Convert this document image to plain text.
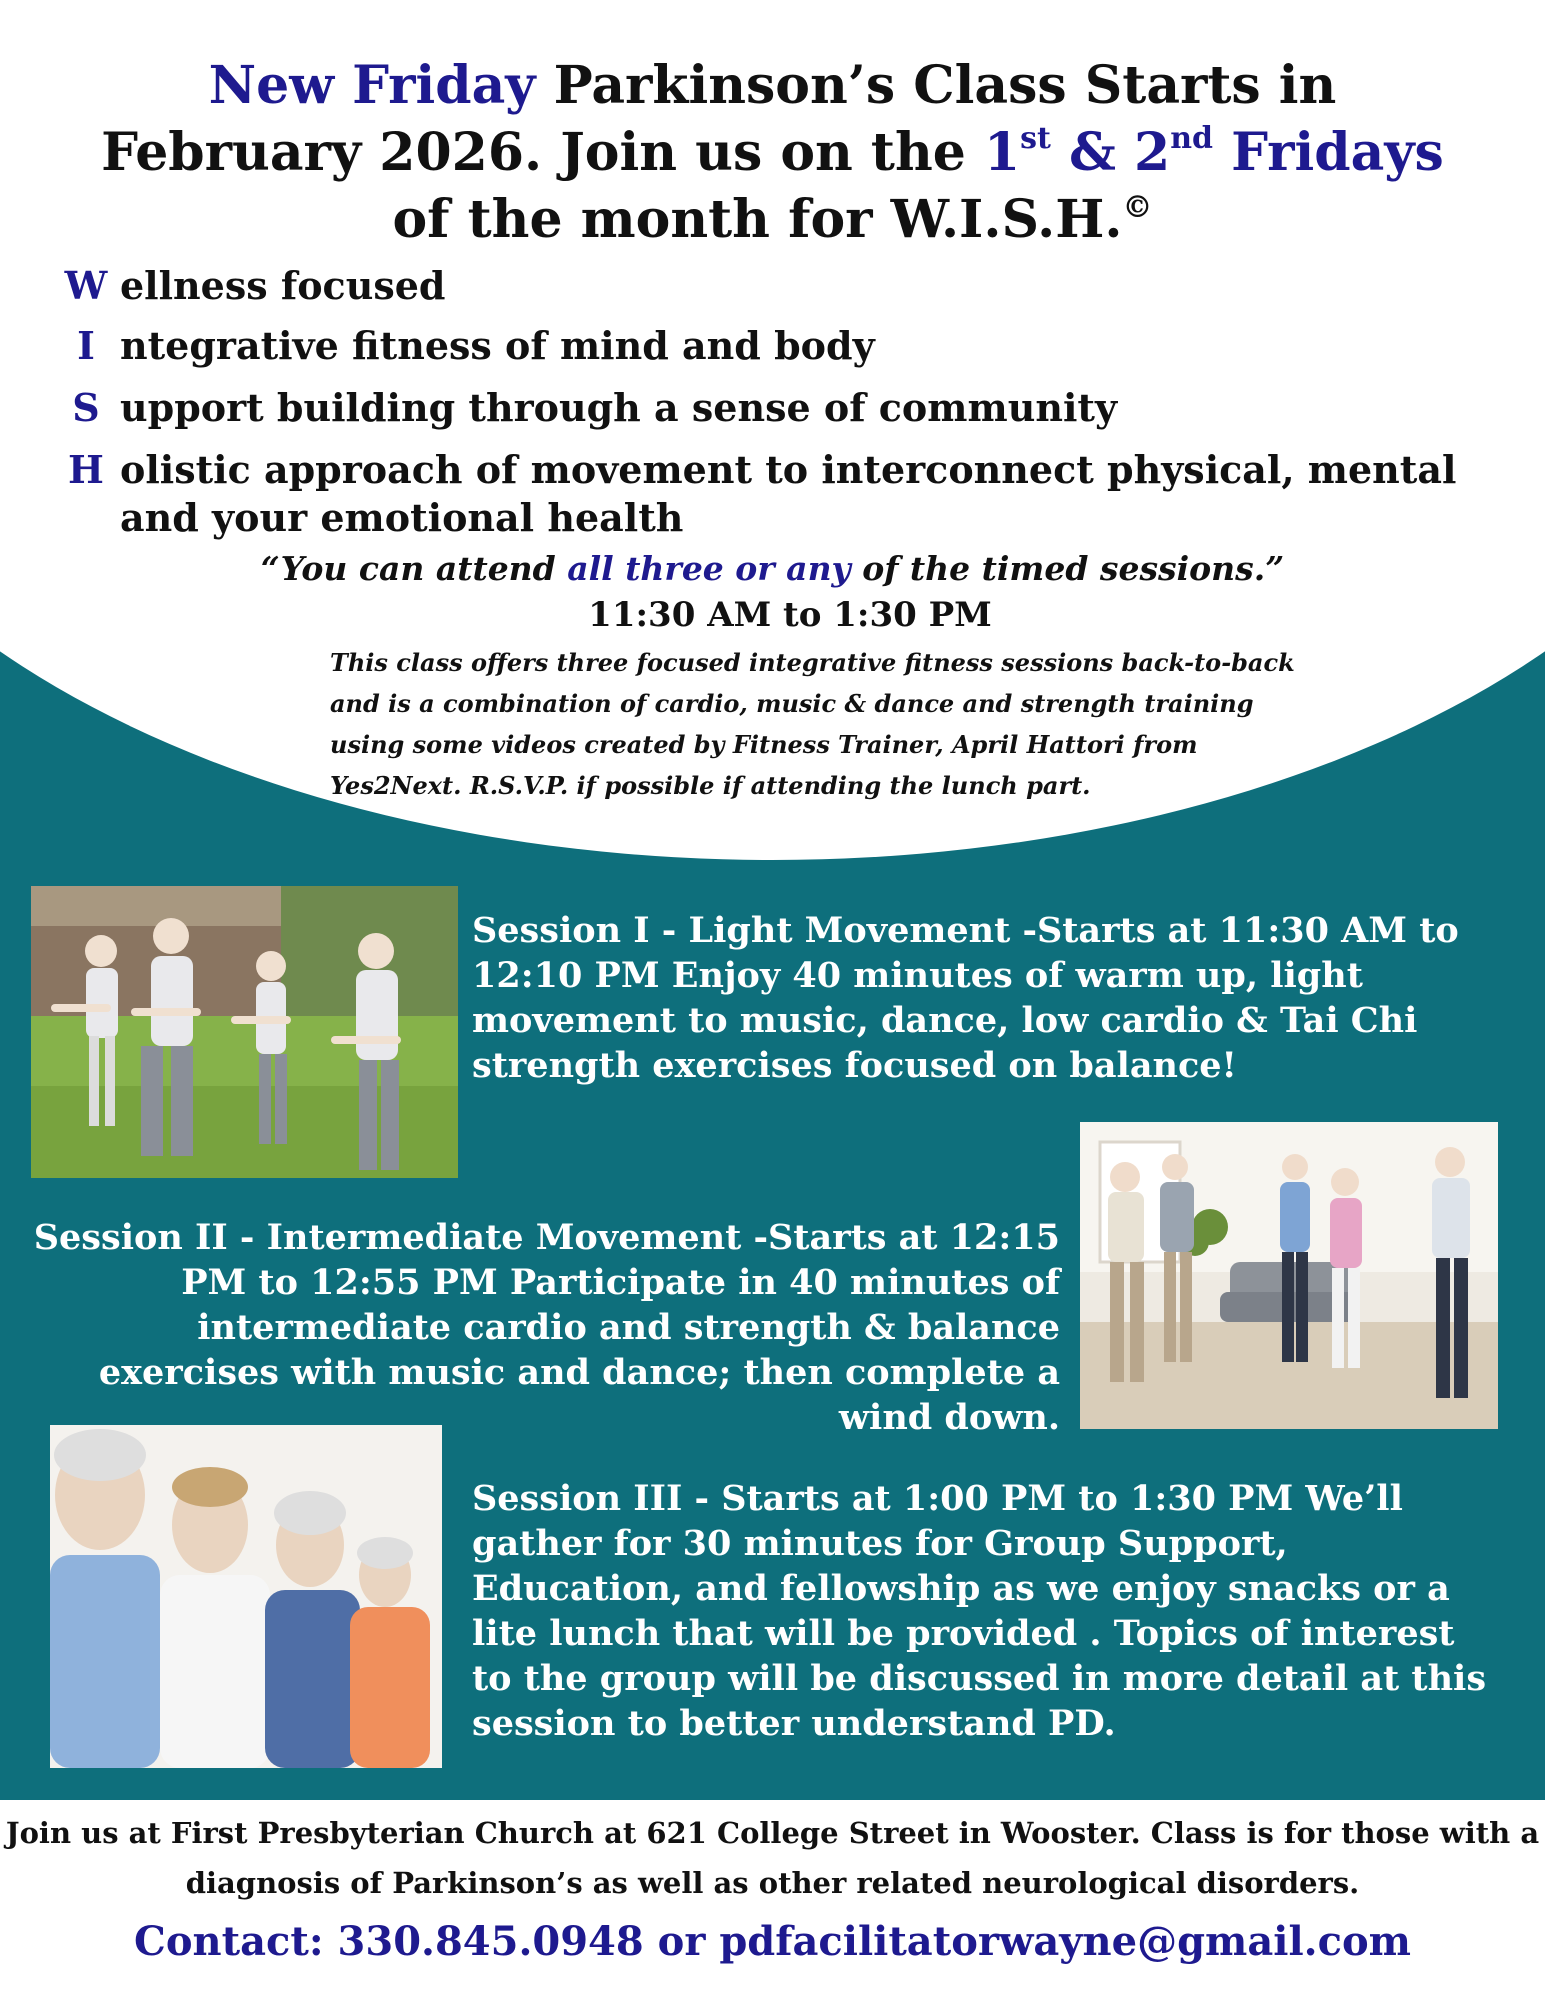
New Friday Parkinson’s Class Starts in
February 2026. Join us on the 1st & 2nd Fridays
of the month for W.I.S.H.©
W ellness focused
I ntegrative fitness of mind and body
S upport building through a sense of community
H olistic approach of movement to interconnect physical, mental and your emotional health
“You can attend all three or any of the timed sessions.”
11:30 AM to 1:30 PM
This class offers three focused integrative fitness sessions back-to-back and is a combination of cardio, music & dance and strength training using some videos created by Fitness Trainer, April Hattori from Yes2Next. R.S.V.P. if possible if attending the lunch part.
Session I - Light Movement -Starts at 11:30 AM to 12:10 PM Enjoy 40 minutes of warm up, light movement to music, dance, low cardio & Tai Chi strength exercises focused on balance!
Session II - Intermediate Movement -Starts at 12:15 PM to 12:55 PM Participate in 40 minutes of intermediate cardio and strength & balance exercises with music and dance; then complete a wind down.
Session III - Starts at 1:00 PM to 1:30 PM We’ll gather for 30 minutes for Group Support, Education, and fellowship as we enjoy snacks or a lite lunch that will be provided . Topics of interest to the group will be discussed in more detail at this session to better understand PD.
Join us at First Presbyterian Church at 621 College Street in Wooster. Class is for those with a diagnosis of Parkinson’s as well as other related neurological disorders.
Contact: 330.845.0948 or pdfacilitatorwayne@gmail.com
